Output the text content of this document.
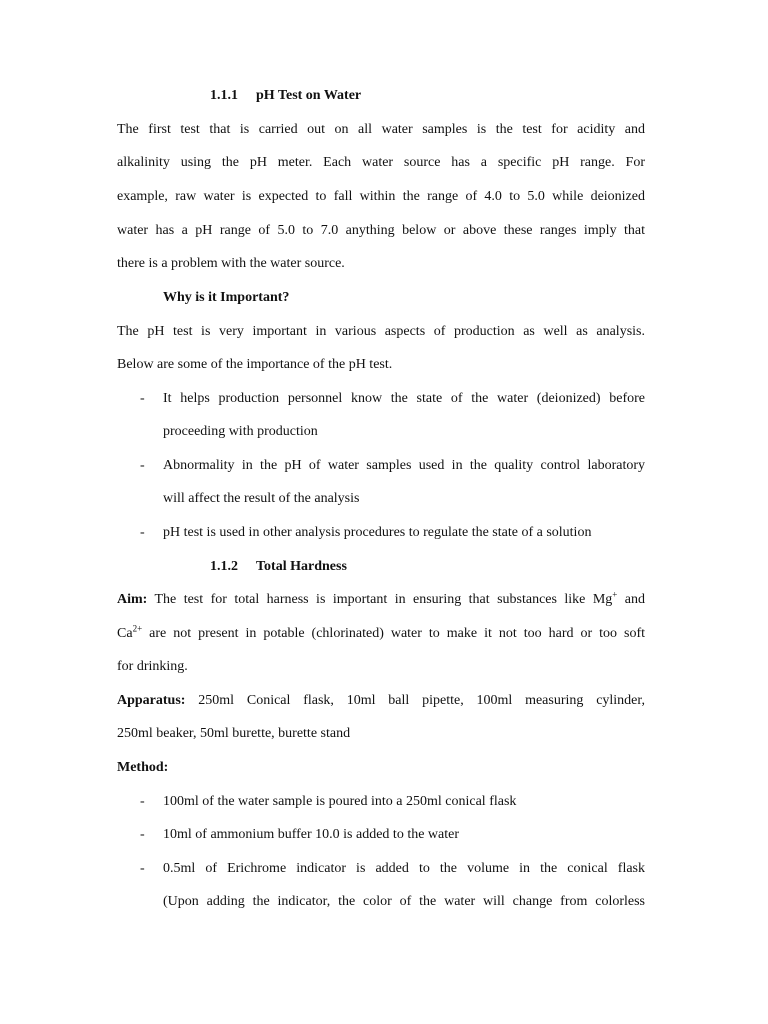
1.1.1 pH Test on Water
The first test that is carried out on all water samples is the test for acidity and
alkalinity using the pH meter. Each water source has a specific pH range. For
example, raw water is expected to fall within the range of 4.0 to 5.0 while deionized
water has a pH range of 5.0 to 7.0 anything below or above these ranges imply that
there is a problem with the water source.
Why is it Important?
The pH test is very important in various aspects of production as well as analysis.
Below are some of the importance of the pH test.
- It helps production personnel know the state of the water (deionized) before
proceeding with production
- Abnormality in the pH of water samples used in the quality control laboratory
will affect the result of the analysis
- pH test is used in other analysis procedures to regulate the state of a solution
1.1.2 Total Hardness
Aim: The test for total harness is important in ensuring that substances like Mg+ and
$Ca^{2+}$ are not present in potable (chlorinated) water to make it not too hard or too soft
for drinking.
Apparatus: 250ml Conical flask, 10ml ball pipette, 100ml measuring cylinder,
250ml beaker, 50ml burette, burette stand
Method:
- 100ml of the water sample is poured into a 250ml conical flask
- 10ml of ammonium buffer 10.0 is added to the water
- 0.5ml of Erichrome indicator is added to the volume in the conical flask
(Upon adding the indicator, the color of the water will change from colorless
